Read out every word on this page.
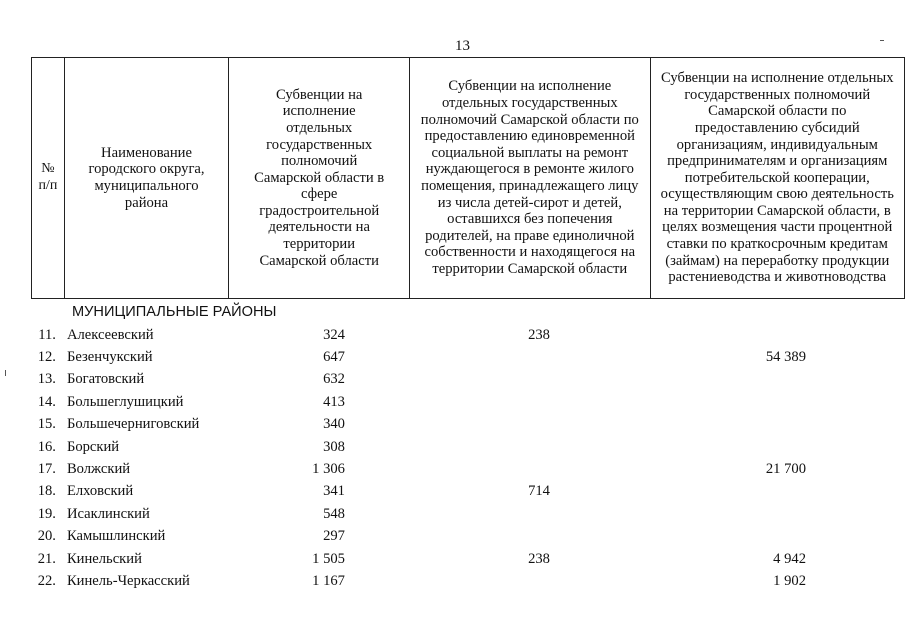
13
№
п/п	Наименование городского округа, муниципального района	Субвенции на исполнение отдельных государственных полномочий Самарской области в сфере градостроительной деятельности на территории Самарской области	Субвенции на исполнение отдельных государственных полномочий Самарской области по предоставлению единовременной социальной выплаты на ремонт нуждающегося в ремонте жилого помещения, принадлежащего лицу из числа детей-сирот и детей, оставшихся без попечения родителей, на праве единоличной собственности и находящегося на территории Самарской области	Субвенции на исполнение отдельных государственных полномочий Самарской области по предоставлению субсидий организациям, индивидуальным предпринимателям и организациям потребительской кооперации, осуществляющим свою деятельность на территории Самарской области, в целях возмещения части процентной ставки по краткосрочным кредитам (займам) на переработку продукции растениеводства и животноводства
МУНИЦИПАЛЬНЫЕ РАЙОНЫ				
11.	Алексеевский	324	238	
12.	Безенчукский	647		54 389
13.	Богатовский	632		
14.	Большеглушицкий	413		
15.	Большечерниговский	340		
16.	Борский	308		
17.	Волжский	1 306		21 700
18.	Елховский	341	714	
19.	Исаклинский	548		
20.	Камышлинский	297		
21.	Кинельский	1 505	238	4 942
22.	Кинель-Черкасский	1 167		1 902
